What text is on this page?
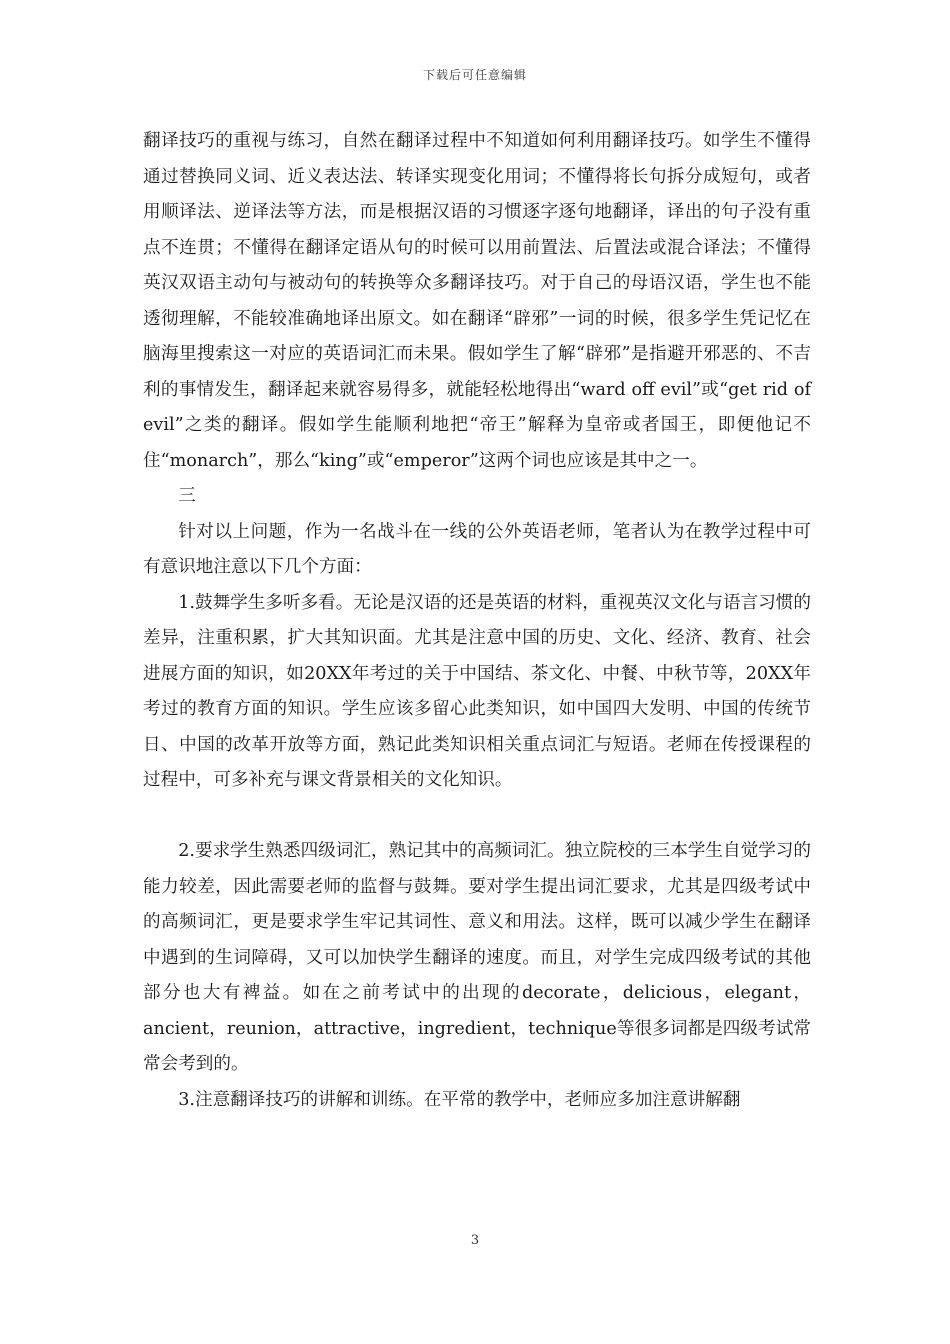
下载后可任意编辑

翻译技巧的重视与练习，自然在翻译过程中不知道如何利用翻译技巧。如学生不懂得通过替换同义词、近义表达法、转译实现变化用词；不懂得将长句拆分成短句，或者用顺译法、逆译法等方法，而是根据汉语的习惯逐字逐句地翻译，译出的句子没有重点不连贯；不懂得在翻译定语从句的时候可以用前置法、后置法或混合译法；不懂得英汉双语主动句与被动句的转换等众多翻译技巧。对于自己的母语汉语，学生也不能透彻理解，不能较准确地译出原文。如在翻译“辟邪”一词的时候，很多学生凭记忆在脑海里搜索这一对应的英语词汇而未果。假如学生了解“辟邪”是指避开邪恶的、不吉利的事情发生，翻译起来就容易得多，就能轻松地得出“ward off evil”或“get rid of evil”之类的翻译。假如学生能顺利地把“帝王”解释为皇帝或者国王，即便他记不住“monarch”，那么“king”或“emperor”这两个词也应该是其中之一。

三

针对以上问题，作为一名战斗在一线的公外英语老师，笔者认为在教学过程中可有意识地注意以下几个方面：

1.鼓舞学生多听多看。无论是汉语的还是英语的材料，重视英汉文化与语言习惯的差异，注重积累，扩大其知识面。尤其是注意中国的历史、文化、经济、教育、社会进展方面的知识，如20XX年考过的关于中国结、茶文化、中餐、中秋节等，20XX年考过的教育方面的知识。学生应该多留心此类知识，如中国四大发明、中国的传统节日、中国的改革开放等方面，熟记此类知识相关重点词汇与短语。老师在传授课程的过程中，可多补充与课文背景相关的文化知识。

2.要求学生熟悉四级词汇，熟记其中的高频词汇。独立院校的三本学生自觉学习的能力较差，因此需要老师的监督与鼓舞。要对学生提出词汇要求，尤其是四级考试中的高频词汇，更是要求学生牢记其词性、意义和用法。这样，既可以减少学生在翻译中遇到的生词障碍，又可以加快学生翻译的速度。而且，对学生完成四级考试的其他部分也大有裨益。如在之前考试中的出现的decorate，delicious，elegant，ancient，reunion，attractive，ingredient，technique等很多词都是四级考试常常会考到的。

3.注意翻译技巧的讲解和训练。在平常的教学中，老师应多加注意讲解翻

3
